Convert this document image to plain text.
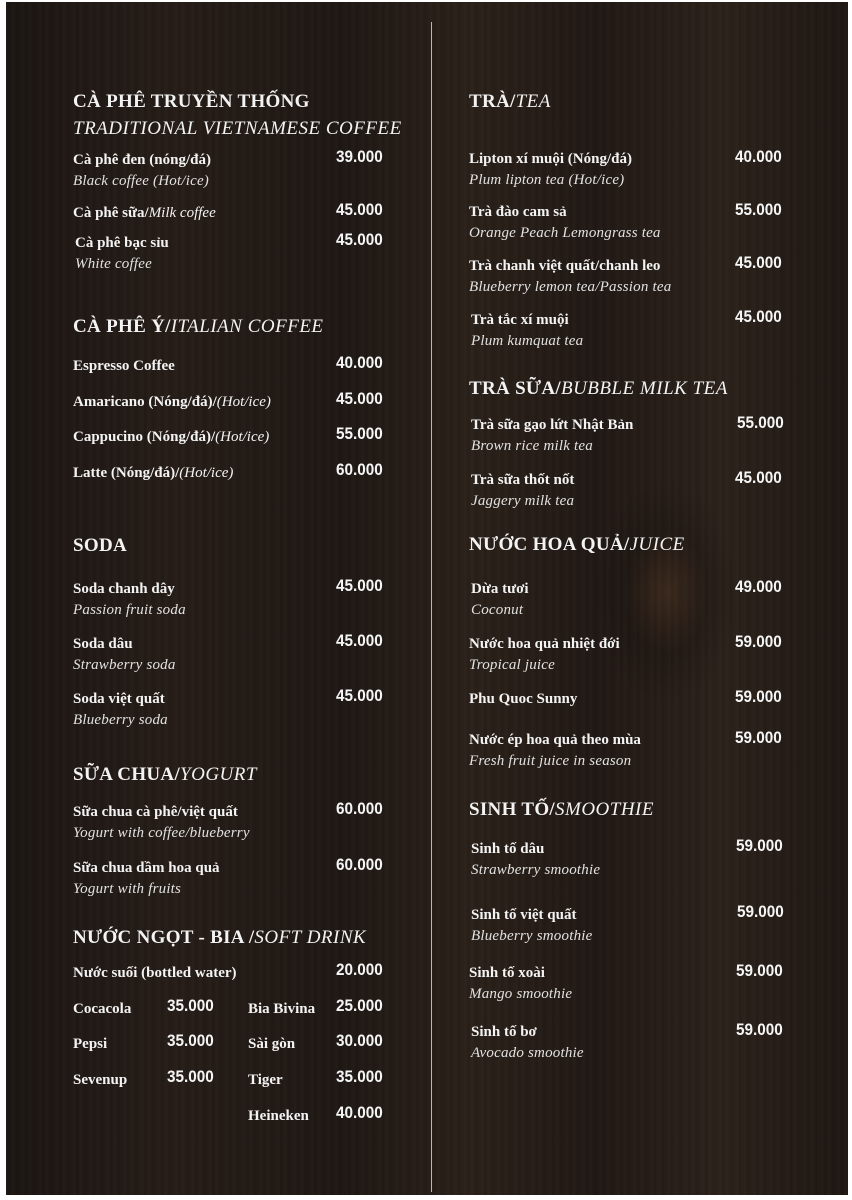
CÀ PHÊ TRUYỀN THỐNG
TRADITIONAL VIETNAMESE COFFEE
Cà phê đen (nóng/đá)
Black coffee (Hot/ice)
39.000
Cà phê sữa/Milk coffee	45.000
Cà phê bạc sỉu
White coffee
45.000
CÀ PHÊ Ý/ITALIAN COFFEE
Espresso Coffee	40.000
Amaricano (Nóng/đá)/(Hot/ice)	45.000
Cappucino (Nóng/đá)/(Hot/ice)	55.000
Latte (Nóng/đá)/(Hot/ice)	60.000
SODA
Soda chanh dây
Passion fruit soda
45.000
Soda dâu
Strawberry soda
45.000
Soda việt quất
Blueberry soda
45.000
SỮA CHUA/YOGURT
Sữa chua cà phê/việt quất
Yogurt with coffee/blueberry
60.000
Sữa chua dầm hoa quả
Yogurt with fruits
60.000
NƯỚC NGỌT - BIA /SOFT DRINK
Nước suối (bottled water)	20.000
Cocacola 35.000 Bia Bivina 25.000
Pepsi	35.000 Sài gòn 30.000
Sevenup 35.000 Tiger	35.000
Heineken 40.000
TRÀ/TEA
Lipton xí muội (Nóng/đá)
Plum lipton tea (Hot/ice)
40.000
Trà đào cam sả
Orange Peach Lemongrass tea
55.000
Trà chanh việt quất/chanh leo
Blueberry lemon tea/Passion tea
45.000
Trà tắc xí muội
Plum kumquat tea
45.000
TRÀ SỮA/BUBBLE MILK TEA
Trà sữa gạo lứt Nhật Bản
Brown rice milk tea
55.000
Trà sữa thốt nốt
Jaggery milk tea
45.000
NƯỚC HOA QUẢ/JUICE
Dừa tươi
Coconut
49.000
Nước hoa quả nhiệt đới
Tropical juice
59.000
Phu Quoc Sunny	59.000
Nước ép hoa quả theo mùa
Fresh fruit juice in season
59.000
SINH TỐ/SMOOTHIE
Sinh tố dâu
Strawberry smoothie
59.000
Sinh tố việt quất
Blueberry smoothie
59.000
Sinh tố xoài
Mango smoothie
59.000
Sinh tố bơ
Avocado smoothie
59.000
